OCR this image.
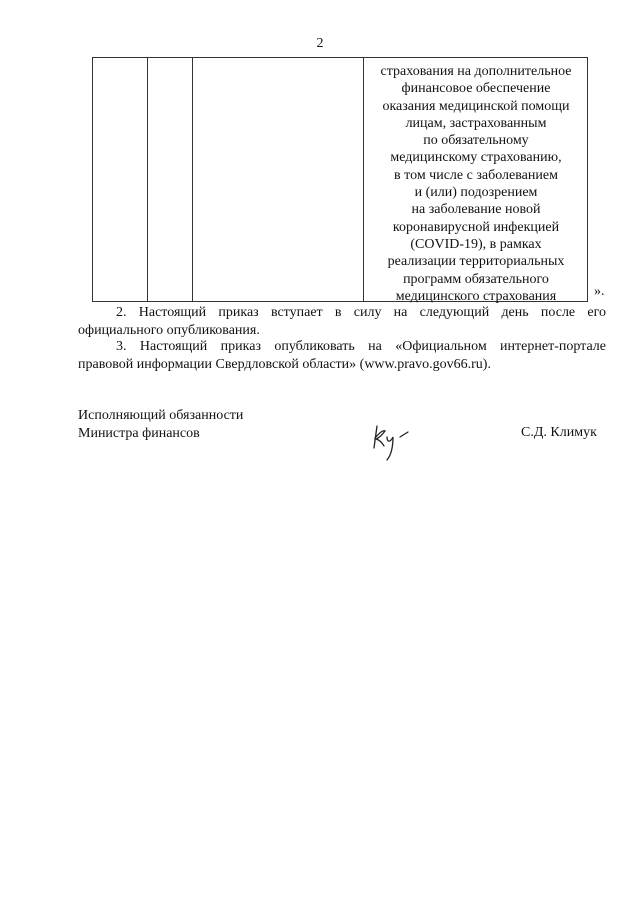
2
страхования на дополнительное
финансовое обеспечение
оказания медицинской помощи
лицам, застрахованным
по обязательному
медицинскому страхованию,
в том числе с заболеванием
и (или) подозрением
на заболевание новой
коронавирусной инфекцией
(COVID-19), в рамках
реализации территориальных
программ обязательного
медицинского страхования	».
2. Настоящий приказ вступает в силу на следующий день после его
официального опубликования.
3. Настоящий приказ опубликовать на «Официальном интернет-портале
правовой информации Свердловской области» (www.pravo.gov66.ru).
Исполняющий обязанности
Министра финансов	С.Д. Климук
